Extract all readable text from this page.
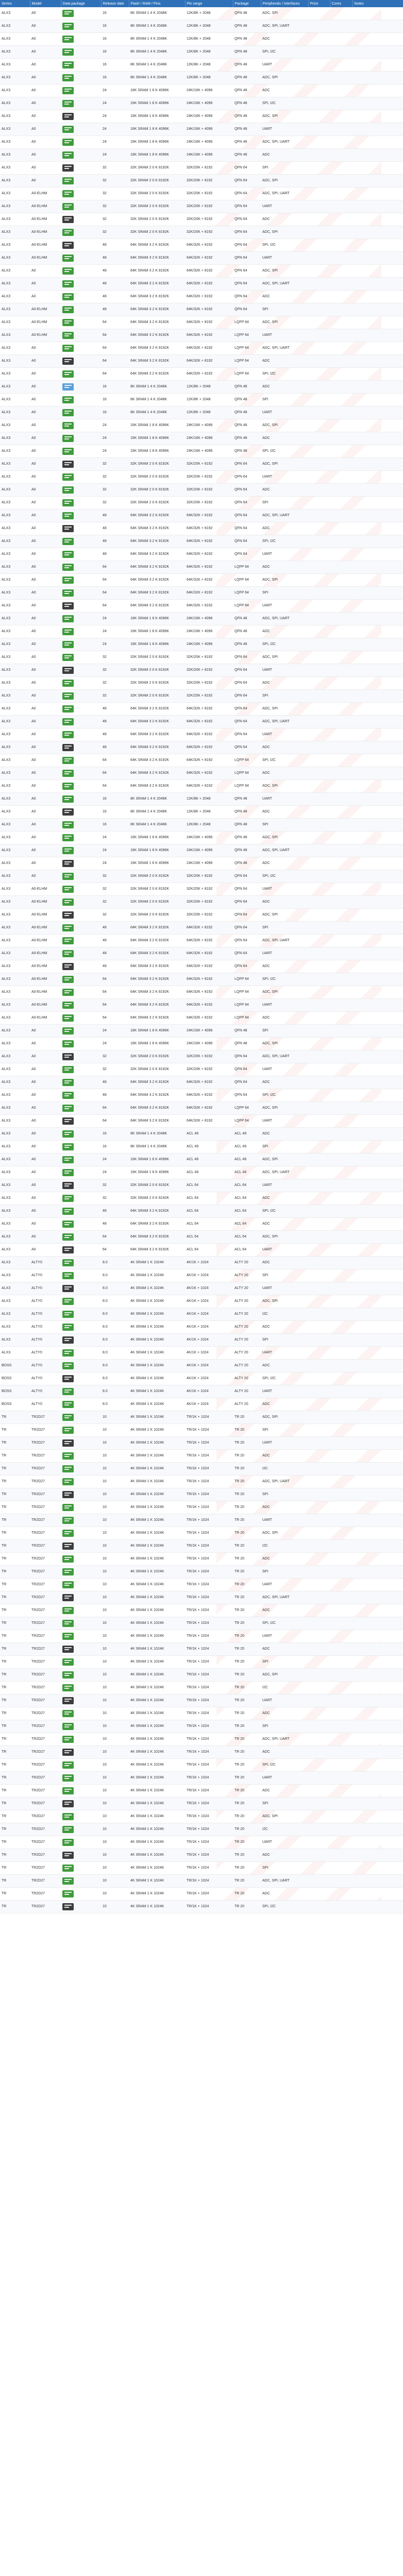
Series	Model	Data package	Release date	Flash / RAM / Pins	Pin range	Package	Peripherals / Interfaces	Price	Cores	Notes
ALX3	A0		16	8K SRAM 1 4 K 2048K	12K/8K + 2048	QFN 48	ADC, SPI			
ALX3	A0		16	8K SRAM 1 4 K 2048K	12K/8K + 2048	QFN 48	ADC, SPI, UART			
ALX3	A0		16	8K SRAM 1 4 K 2048K	12K/8K + 2048	QFN 48	ADC			
ALX3	A0		16	8K SRAM 1 4 K 2048K	12K/8K + 2048	QFN 48	SPI, I2C			
ALX3	A0		16	8K SRAM 1 4 K 2048K	12K/8K + 2048	QFN 48	UART			
ALX3	A0		16	8K SRAM 1 4 K 2048K	12K/8K + 2048	QFN 48	ADC, SPI			
ALX3	A0		24	16K SRAM 1 8 K 4096K	24K/16K + 4096	QFN 48	ADC			
ALX3	A0		24	16K SRAM 1 8 K 4096K	24K/16K + 4096	QFN 48	SPI, I2C			
ALX3	A0		24	16K SRAM 1 8 K 4096K	24K/16K + 4096	QFN 48	ADC, SPI			
ALX3	A0		24	16K SRAM 1 8 K 4096K	24K/16K + 4096	QFN 48	UART			
ALX3	A0		24	16K SRAM 1 8 K 4096K	24K/16K + 4096	QFN 48	ADC, SPI, UART			
ALX3	A0		24	16K SRAM 1 8 K 4096K	24K/16K + 4096	QFN 48	ADC			
ALX3	A0		32	32K SRAM 2 0 K 8192K	32K/20K + 8192	QFN 64	SPI			
ALX3	A0		32	32K SRAM 2 0 K 8192K	32K/20K + 8192	QFN 64	ADC, SPI			
ALX3	A0-ELHM		32	32K SRAM 2 0 K 8192K	32K/20K + 8192	QFN 64	ADC, SPI, UART			
ALX3	A0-ELHM		32	32K SRAM 2 0 K 8192K	32K/20K + 8192	QFN 64	UART			
ALX3	A0-ELHM		32	32K SRAM 2 0 K 8192K	32K/20K + 8192	QFN 64	ADC			
ALX3	A0-ELHM		32	32K SRAM 2 0 K 8192K	32K/20K + 8192	QFN 64	ADC, SPI			
ALX3	A0-ELHM		48	64K SRAM 3 2 K 8192K	64K/32K + 8192	QFN 64	SPI, I2C			
ALX3	A0-ELHM		48	64K SRAM 3 2 K 8192K	64K/32K + 8192	QFN 64	UART			
ALX3	A0		48	64K SRAM 3 2 K 8192K	64K/32K + 8192	QFN 64	ADC, SPI			
ALX3	A0		48	64K SRAM 3 2 K 8192K	64K/32K + 8192	QFN 64	ADC, SPI, UART			
ALX3	A0		48	64K SRAM 3 2 K 8192K	64K/32K + 8192	QFN 64	ADC			
ALX3	A0-ELHM		48	64K SRAM 3 2 K 8192K	64K/32K + 8192	QFN 64	SPI			
ALX3	A0-ELHM		64	64K SRAM 3 2 K 8192K	64K/32K + 8192	LQFP 64	ADC, SPI			
ALX3	A0-ELHM		64	64K SRAM 3 2 K 8192K	64K/32K + 8192	LQFP 64	UART			
ALX3	A0		64	64K SRAM 3 2 K 8192K	64K/32K + 8192	LQFP 64	ADC, SPI, UART			
ALX3	A0		64	64K SRAM 3 2 K 8192K	64K/32K + 8192	LQFP 64	ADC			
ALX3	A0		64	64K SRAM 3 2 K 8192K	64K/32K + 8192	LQFP 64	SPI, I2C			
ALX3	A0		16	8K SRAM 1 4 K 2048K	12K/8K + 2048	QFN 48	ADC			
ALX3	A0		16	8K SRAM 1 4 K 2048K	12K/8K + 2048	QFN 48	SPI			
ALX3	A0		16	8K SRAM 1 4 K 2048K	12K/8K + 2048	QFN 48	UART			
ALX3	A0		24	16K SRAM 1 8 K 4096K	24K/16K + 4096	QFN 48	ADC, SPI			
ALX3	A0		24	16K SRAM 1 8 K 4096K	24K/16K + 4096	QFN 48	ADC			
ALX3	A0		24	16K SRAM 1 8 K 4096K	24K/16K + 4096	QFN 48	SPI, I2C			
ALX3	A0		32	32K SRAM 2 0 K 8192K	32K/20K + 8192	QFN 64	ADC, SPI			
ALX3	A0		32	32K SRAM 2 0 K 8192K	32K/20K + 8192	QFN 64	UART			
ALX3	A0		32	32K SRAM 2 0 K 8192K	32K/20K + 8192	QFN 64	ADC			
ALX3	A0		32	32K SRAM 2 0 K 8192K	32K/20K + 8192	QFN 64	SPI			
ALX3	A0		48	64K SRAM 3 2 K 8192K	64K/32K + 8192	QFN 64	ADC, SPI, UART			
ALX3	A0		48	64K SRAM 3 2 K 8192K	64K/32K + 8192	QFN 64	ADC			
ALX3	A0		48	64K SRAM 3 2 K 8192K	64K/32K + 8192	QFN 64	SPI, I2C			
ALX3	A0		48	64K SRAM 3 2 K 8192K	64K/32K + 8192	QFN 64	UART			
ALX3	A0		64	64K SRAM 3 2 K 8192K	64K/32K + 8192	LQFP 64	ADC			
ALX3	A0		64	64K SRAM 3 2 K 8192K	64K/32K + 8192	LQFP 64	ADC, SPI			
ALX3	A0		64	64K SRAM 3 2 K 8192K	64K/32K + 8192	LQFP 64	SPI			
ALX3	A0		64	64K SRAM 3 2 K 8192K	64K/32K + 8192	LQFP 64	UART			
ALX3	A0		24	16K SRAM 1 8 K 4096K	24K/16K + 4096	QFN 48	ADC, SPI, UART			
ALX3	A0		24	16K SRAM 1 8 K 4096K	24K/16K + 4096	QFN 48	ADC			
ALX3	A0		24	16K SRAM 1 8 K 4096K	24K/16K + 4096	QFN 48	SPI, I2C			
ALX3	A0		32	32K SRAM 2 0 K 8192K	32K/20K + 8192	QFN 64	ADC, SPI			
ALX3	A0		32	32K SRAM 2 0 K 8192K	32K/20K + 8192	QFN 64	UART			
ALX3	A0		32	32K SRAM 2 0 K 8192K	32K/20K + 8192	QFN 64	ADC			
ALX3	A0		32	32K SRAM 2 0 K 8192K	32K/20K + 8192	QFN 64	SPI			
ALX3	A0		48	64K SRAM 3 2 K 8192K	64K/32K + 8192	QFN 64	ADC, SPI			
ALX3	A0		48	64K SRAM 3 2 K 8192K	64K/32K + 8192	QFN 64	ADC, SPI, UART			
ALX3	A0		48	64K SRAM 3 2 K 8192K	64K/32K + 8192	QFN 64	UART			
ALX3	A0		48	64K SRAM 3 2 K 8192K	64K/32K + 8192	QFN 64	ADC			
ALX3	A0		64	64K SRAM 3 2 K 8192K	64K/32K + 8192	LQFP 64	SPI, I2C			
ALX3	A0		64	64K SRAM 3 2 K 8192K	64K/32K + 8192	LQFP 64	ADC			
ALX3	A0		64	64K SRAM 3 2 K 8192K	64K/32K + 8192	LQFP 64	ADC, SPI			
ALX3	A0		16	8K SRAM 1 4 K 2048K	12K/8K + 2048	QFN 48	UART			
ALX3	A0		16	8K SRAM 1 4 K 2048K	12K/8K + 2048	QFN 48	ADC			
ALX3	A0		16	8K SRAM 1 4 K 2048K	12K/8K + 2048	QFN 48	SPI			
ALX3	A0		24	16K SRAM 1 8 K 4096K	24K/16K + 4096	QFN 48	ADC, SPI			
ALX3	A0		24	16K SRAM 1 8 K 4096K	24K/16K + 4096	QFN 48	ADC, SPI, UART			
ALX3	A0		24	16K SRAM 1 8 K 4096K	24K/16K + 4096	QFN 48	ADC			
ALX3	A0		32	32K SRAM 2 0 K 8192K	32K/20K + 8192	QFN 64	SPI, I2C			
ALX3	A0-ELHM		32	32K SRAM 2 0 K 8192K	32K/20K + 8192	QFN 64	UART			
ALX3	A0-ELHM		32	32K SRAM 2 0 K 8192K	32K/20K + 8192	QFN 64	ADC			
ALX3	A0-ELHM		32	32K SRAM 2 0 K 8192K	32K/20K + 8192	QFN 64	ADC, SPI			
ALX3	A0-ELHM		48	64K SRAM 3 2 K 8192K	64K/32K + 8192	QFN 64	SPI			
ALX3	A0-ELHM		48	64K SRAM 3 2 K 8192K	64K/32K + 8192	QFN 64	ADC, SPI, UART			
ALX3	A0-ELHM		48	64K SRAM 3 2 K 8192K	64K/32K + 8192	QFN 64	UART			
ALX3	A0-ELHM		48	64K SRAM 3 2 K 8192K	64K/32K + 8192	QFN 64	ADC			
ALX3	A0-ELHM		64	64K SRAM 3 2 K 8192K	64K/32K + 8192	LQFP 64	SPI, I2C			
ALX3	A0-ELHM		64	64K SRAM 3 2 K 8192K	64K/32K + 8192	LQFP 64	ADC, SPI			
ALX3	A0-ELHM		64	64K SRAM 3 2 K 8192K	64K/32K + 8192	LQFP 64	UART			
ALX3	A0-ELHM		64	64K SRAM 3 2 K 8192K	64K/32K + 8192	LQFP 64	ADC			
ALX3	A0		24	16K SRAM 1 8 K 4096K	24K/16K + 4096	QFN 48	SPI			
ALX3	A0		24	16K SRAM 1 8 K 4096K	24K/16K + 4096	QFN 48	ADC, SPI			
ALX3	A0		32	32K SRAM 2 0 K 8192K	32K/20K + 8192	QFN 64	ADC, SPI, UART			
ALX3	A0		32	32K SRAM 2 0 K 8192K	32K/20K + 8192	QFN 64	UART			
ALX3	A0		48	64K SRAM 3 2 K 8192K	64K/32K + 8192	QFN 64	ADC			
ALX3	A0		48	64K SRAM 3 2 K 8192K	64K/32K + 8192	QFN 64	SPI, I2C			
ALX3	A0		64	64K SRAM 3 2 K 8192K	64K/32K + 8192	LQFP 64	ADC, SPI			
ALX3	A0		64	64K SRAM 3 2 K 8192K	64K/32K + 8192	LQFP 64	UART			
ALX3	A0		16	8K SRAM 1 4 K 2048K	ACL 48	ACL 48	ADC			
ALX3	A0		16	8K SRAM 1 4 K 2048K	ACL 48	ACL 48	SPI			
ALX3	A0		24	16K SRAM 1 8 K 4096K	ACL 48	ACL 48	ADC, SPI			
ALX3	A0		24	16K SRAM 1 8 K 4096K	ACL 48	ACL 48	ADC, SPI, UART			
ALX3	A0		32	32K SRAM 2 0 K 8192K	ACL 64	ACL 64	UART			
ALX3	A0		32	32K SRAM 2 0 K 8192K	ACL 64	ACL 64	ADC			
ALX3	A0		48	64K SRAM 3 2 K 8192K	ACL 64	ACL 64	SPI, I2C			
ALX3	A0		48	64K SRAM 3 2 K 8192K	ACL 64	ACL 64	ADC			
ALX3	A0		64	64K SRAM 3 2 K 8192K	ACL 64	ACL 64	ADC, SPI			
ALX3	A0		64	64K SRAM 3 2 K 8192K	ACL 64	ACL 64	UART			
ALX3	ALTY0		8.0	4K SRAM 1 K 1024K	4K/1K + 1024	ALTY 20	ADC			
ALX3	ALTY0		8.0	4K SRAM 1 K 1024K	4K/1K + 1024	ALTY 20	SPI			
ALX3	ALTY0		8.0	4K SRAM 1 K 1024K	4K/1K + 1024	ALTY 20	UART			
ALX3	ALTY0		8.0	4K SRAM 1 K 1024K	4K/1K + 1024	ALTY 20	ADC, SPI			
ALX3	ALTY0		8.0	4K SRAM 1 K 1024K	4K/1K + 1024	ALTY 20	I2C			
ALX3	ALTY0		8.0	4K SRAM 1 K 1024K	4K/1K + 1024	ALTY 20	ADC			
ALX3	ALTY0		8.0	4K SRAM 1 K 1024K	4K/1K + 1024	ALTY 20	SPI			
ALX3	ALTY0		8.0	4K SRAM 1 K 1024K	4K/1K + 1024	ALTY 20	UART			
BOSS	ALTY0		8.0	4K SRAM 1 K 1024K	4K/1K + 1024	ALTY 20	ADC			
BOSS	ALTY0		8.0	4K SRAM 1 K 1024K	4K/1K + 1024	ALTY 20	SPI, I2C			
BOSS	ALTY0		8.0	4K SRAM 1 K 1024K	4K/1K + 1024	ALTY 20	UART			
BOSS	ALTY0		8.0	4K SRAM 1 K 1024K	4K/1K + 1024	ALTY 20	ADC			
TR	TR2D27		10	4K SRAM 1 K 1024K	TR/1K + 1024	TR 20	ADC, SPI			
TR	TR2D27		10	4K SRAM 1 K 1024K	TR/1K + 1024	TR 20	SPI			
TR	TR2D27		10	4K SRAM 1 K 1024K	TR/1K + 1024	TR 20	UART			
TR	TR2D27		10	4K SRAM 1 K 1024K	TR/1K + 1024	TR 20	ADC			
TR	TR2D27		10	4K SRAM 1 K 1024K	TR/1K + 1024	TR 20	I2C			
TR	TR2D27		10	4K SRAM 1 K 1024K	TR/1K + 1024	TR 20	ADC, SPI, UART			
TR	TR2D27		10	4K SRAM 1 K 1024K	TR/1K + 1024	TR 20	SPI			
TR	TR2D27		10	4K SRAM 1 K 1024K	TR/1K + 1024	TR 20	ADC			
TR	TR2D27		10	4K SRAM 1 K 1024K	TR/1K + 1024	TR 20	UART			
TR	TR2D27		10	4K SRAM 1 K 1024K	TR/1K + 1024	TR 20	ADC, SPI			
TR	TR2D27		10	4K SRAM 1 K 1024K	TR/1K + 1024	TR 20	I2C			
TR	TR2D27		10	4K SRAM 1 K 1024K	TR/1K + 1024	TR 20	ADC			
TR	TR2D27		10	4K SRAM 1 K 1024K	TR/1K + 1024	TR 20	SPI			
TR	TR2D27		10	4K SRAM 1 K 1024K	TR/1K + 1024	TR 20	UART			
TR	TR2D27		10	4K SRAM 1 K 1024K	TR/1K + 1024	TR 20	ADC, SPI, UART			
TR	TR2D27		10	4K SRAM 1 K 1024K	TR/1K + 1024	TR 20	ADC			
TR	TR2D27		10	4K SRAM 1 K 1024K	TR/1K + 1024	TR 20	SPI, I2C			
TR	TR2D27		10	4K SRAM 1 K 1024K	TR/1K + 1024	TR 20	UART			
TR	TR2D27		10	4K SRAM 1 K 1024K	TR/1K + 1024	TR 20	ADC			
TR	TR2D27		10	4K SRAM 1 K 1024K	TR/1K + 1024	TR 20	SPI			
TR	TR2D27		10	4K SRAM 1 K 1024K	TR/1K + 1024	TR 20	ADC, SPI			
TR	TR2D27		10	4K SRAM 1 K 1024K	TR/1K + 1024	TR 20	I2C			
TR	TR2D27		10	4K SRAM 1 K 1024K	TR/1K + 1024	TR 20	UART			
TR	TR2D27		10	4K SRAM 1 K 1024K	TR/1K + 1024	TR 20	ADC			
TR	TR2D27		10	4K SRAM 1 K 1024K	TR/1K + 1024	TR 20	SPI			
TR	TR2D27		10	4K SRAM 1 K 1024K	TR/1K + 1024	TR 20	ADC, SPI, UART			
TR	TR2D27		10	4K SRAM 1 K 1024K	TR/1K + 1024	TR 20	ADC			
TR	TR2D27		10	4K SRAM 1 K 1024K	TR/1K + 1024	TR 20	SPI, I2C			
TR	TR2D27		10	4K SRAM 1 K 1024K	TR/1K + 1024	TR 20	UART			
TR	TR2D27		10	4K SRAM 1 K 1024K	TR/1K + 1024	TR 20	ADC			
TR	TR2D27		10	4K SRAM 1 K 1024K	TR/1K + 1024	TR 20	SPI			
TR	TR2D27		10	4K SRAM 1 K 1024K	TR/1K + 1024	TR 20	ADC, SPI			
TR	TR2D27		10	4K SRAM 1 K 1024K	TR/1K + 1024	TR 20	I2C			
TR	TR2D27		10	4K SRAM 1 K 1024K	TR/1K + 1024	TR 20	UART			
TR	TR2D27		10	4K SRAM 1 K 1024K	TR/1K + 1024	TR 20	ADC			
TR	TR2D27		10	4K SRAM 1 K 1024K	TR/1K + 1024	TR 20	SPI			
TR	TR2D27		10	4K SRAM 1 K 1024K	TR/1K + 1024	TR 20	ADC, SPI, UART			
TR	TR2D27		10	4K SRAM 1 K 1024K	TR/1K + 1024	TR 20	ADC			
TR	TR2D27		10	4K SRAM 1 K 1024K	TR/1K + 1024	TR 20	SPI, I2C			
